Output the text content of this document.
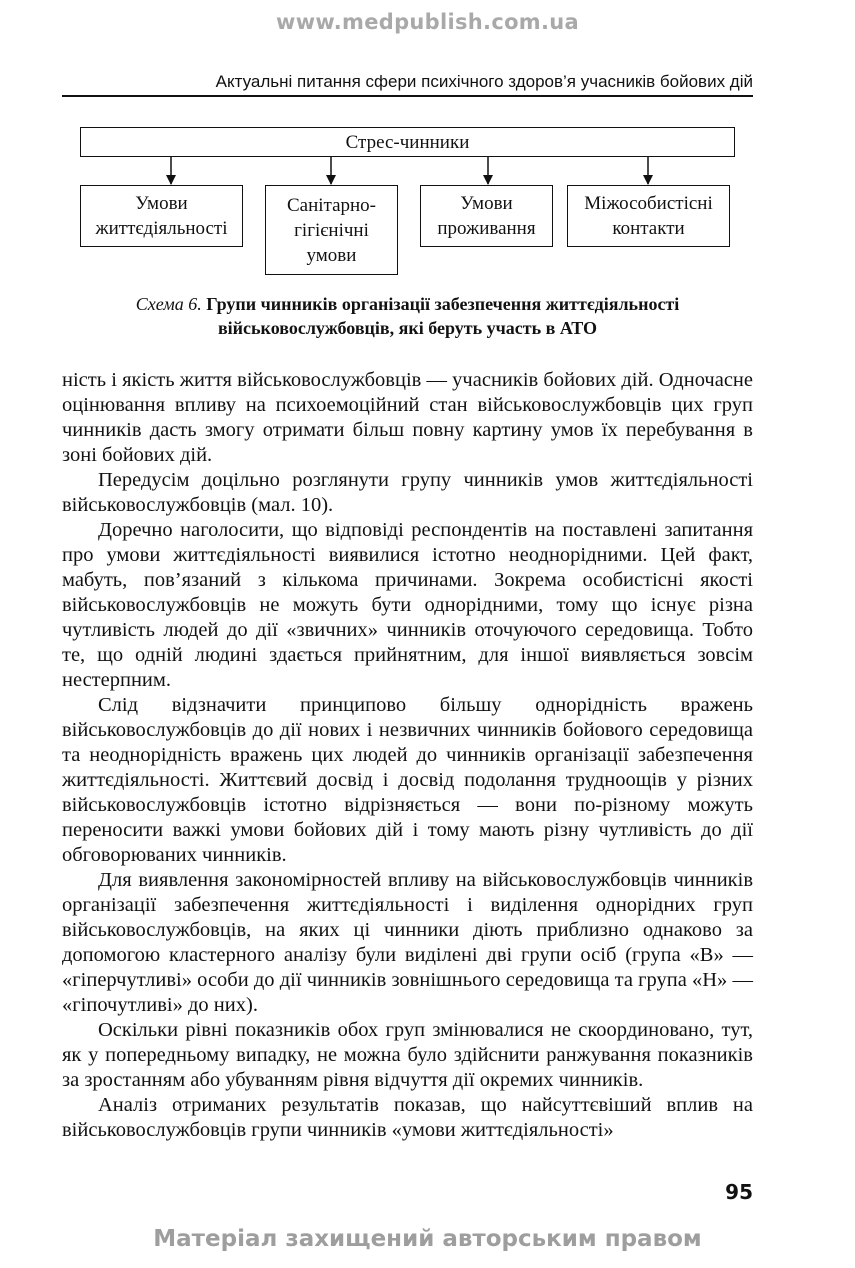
www.medpublish.com.ua
Актуальні питання сфери психічного здоров’я учасників бойових дій
Стрес-чинники
Умови життєдіяльності
Санітарно-гігієнічні умови
Умови проживання
Міжособистісні контакти
Схема 6. Групи чинників організації забезпечення життєдіяльності військовослужбовців, які беруть участь в АТО

ність і якість життя військовослужбовців — учасників бойових дій. Одночасне оцінювання впливу на психоемоційний стан військовослужбовців цих груп чинників дасть змогу отримати більш повну картину умов їх перебування в зоні бойових дій.

Передусім доцільно розглянути групу чинників умов життєдіяльності військовослужбовців (мал. 10).

Доречно наголосити, що відповіді респондентів на поставлені запитання про умови життєдіяльності виявилися істотно неоднорідними. Цей факт, мабуть, пов’язаний з кількома причинами. Зокрема особистісні якості військовослужбовців не можуть бути однорідними, тому що існує різна чутливість людей до дії «звичних» чинників оточуючого середовища. Тобто те, що одній людині здається прийнятним, для іншої виявляється зовсім нестерпним.

Слід відзначити принципово більшу однорідність вражень військовослужбовців до дії нових і незвичних чинників бойового середовища та неоднорідність вражень цих людей до чинників організації забезпечення життєдіяльності. Життєвий досвід і досвід подолання трудноощів у різних військовослужбовців істотно відрізняється — вони по-різному можуть переносити важкі умови бойових дій і тому мають різну чутливість до дії обговорюваних чинників.

Для виявлення закономірностей впливу на військовослужбовців чинників організації забезпечення життєдіяльності і виділення однорідних груп військовослужбовців, на яких ці чинники діють приблизно однаково за допомогою кластерного аналізу були виділені дві групи осіб (група «В» — «гіперчутливі» особи до дії чинників зовнішнього середовища та група «Н» — «гіпочутливі» до них).

Оскільки рівні показників обох груп змінювалися не скоординовано, тут, як у попередньому випадку, не можна було здійснити ранжування показників за зростанням або убуванням рівня відчуття дії окремих чинників.

Аналіз отриманих результатів показав, що найсуттєвіший вплив на військовослужбовців групи чинників «умови життєдіяльності»

95
Матеріал захищений авторським правом
